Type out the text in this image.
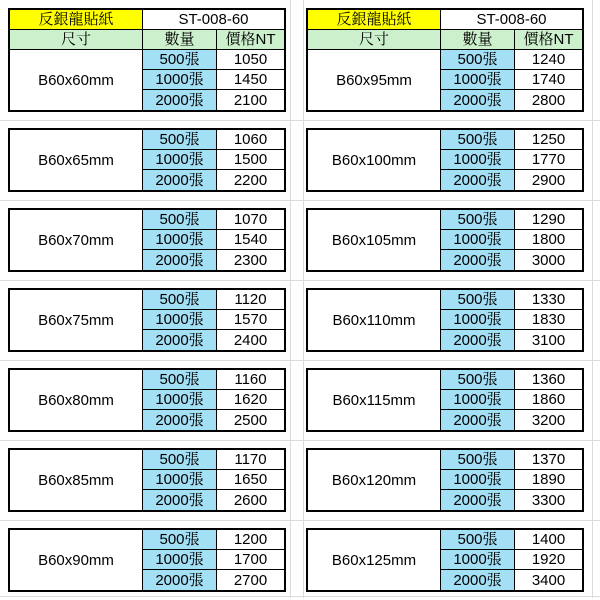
反銀龍貼紙	ST-008-60
尺寸	數量	價格NT
B60x60mm
500張	1050
1000張	1450
2000張	2100
B60x65mm
500張	1060
1000張	1500
2000張	2200
B60x70mm
500張	1070
1000張	1540
2000張	2300
B60x75mm
500張	1120
1000張	1570
2000張	2400
B60x80mm
500張	1160
1000張	1620
2000張	2500
B60x85mm
500張	1170
1000張	1650
2000張	2600
B60x90mm
500張	1200
1000張	1700
2000張	2700
反銀龍貼紙	ST-008-60
尺寸	數量	價格NT
B60x95mm
500張	1240
1000張	1740
2000張	2800
B60x100mm
500張	1250
1000張	1770
2000張	2900
B60x105mm
500張	1290
1000張	1800
2000張	3000
B60x110mm
500張	1330
1000張	1830
2000張	3100
B60x115mm
500張	1360
1000張	1860
2000張	3200
B60x120mm
500張	1370
1000張	1890
2000張	3300
B60x125mm
500張	1400
1000張	1920
2000張	3400
